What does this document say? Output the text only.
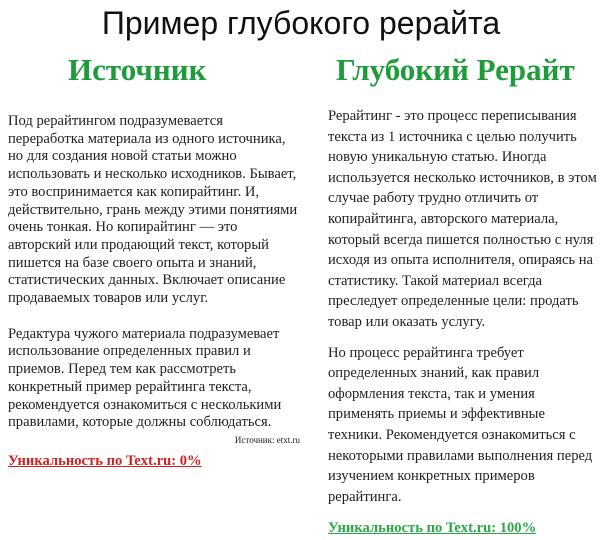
Пример глубокого рерайта
Источник	Глубокий Рерайт

Под рерайтингом подразумевается переработка материала из одного источника, но для создания новой статьи можно использовать и несколько исходников. Бывает, это воспринимается как копирайтинг. И, действительно, грань между этими понятиями очень тонкая. Но копирайтинг — это авторский или продающий текст, который пишется на базе своего опыта и знаний, статистических данных. Включает описание продаваемых товаров или услуг.

Редактура чужого материала подразумевает использование определенных правил и приемов. Перед тем как рассмотреть конкретный пример рерайтинга текста, рекомендуется ознакомиться с несколькими правилами, которые должны соблюдаться.

Источник: etxt.ru
Уникальность по Text.ru: 0%

Рерайтинг - это процесс переписывания текста из 1 источника с целью получить новую уникальную статью. Иногда используется несколько источников, в этом случае работу трудно отличить от копирайтинга, авторского материала, который всегда пишется полностью с нуля исходя из опыта исполнителя, опираясь на статистику. Такой материал всегда преследует определенные цели: продать товар или оказать услугу.

Но процесс рерайтинга требует определенных знаний, как правил оформления текста, так и умения применять приемы и эффективные техники. Рекомендуется ознакомиться с некоторыми правилами выполнения перед изучением конкретных примеров рерайтинга.

Уникальность по Text.ru: 100%
